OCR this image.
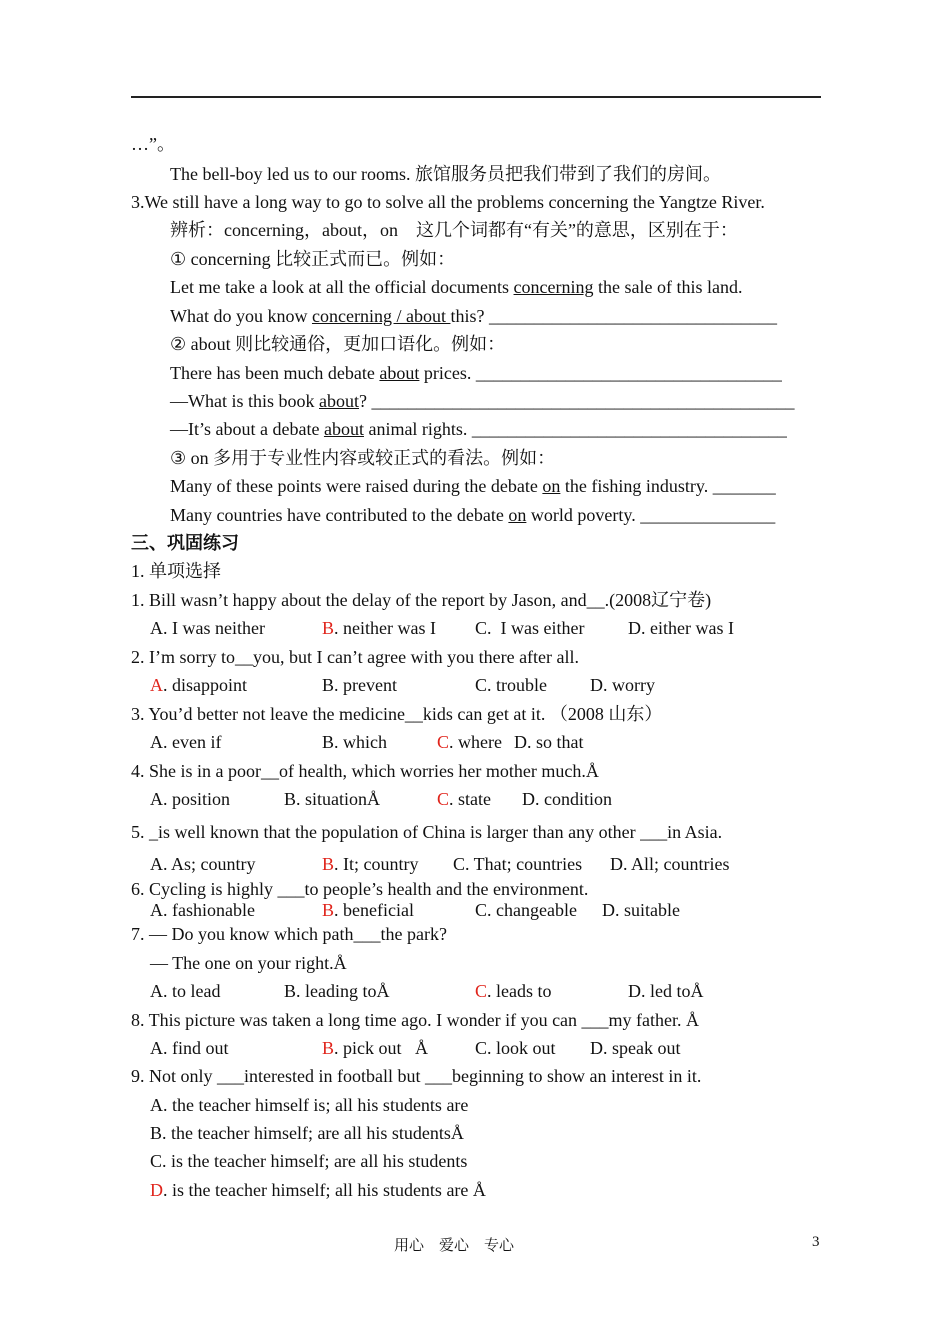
…”。
The bell-boy led us to our rooms. 旅馆服务员把我们带到了我们的房间。
3.We still have a long way to go to solve all the problems concerning the Yangtze River.
辨析：concerning，about，on　这几个词都有“有关”的意思，区别在于：
① concerning 比较正式而已。例如：
Let me take a look at all the official documents concerning the sale of this land.
What do you know concerning / about this? ________________________________
② about 则比较通俗，更加口语化。例如：
There has been much debate about prices. __________________________________
—What is this book about? _______________________________________________
—It’s about a debate about animal rights. ___________________________________
③ on 多用于专业性内容或较正式的看法。例如：
Many of these points were raised during the debate on the fishing industry. _______
Many countries have contributed to the debate on world poverty. _______________
三、巩固练习
1. 单项选择
1. Bill wasn’t happy about the delay of the report by Jason, and__.(2008辽宁卷)
A. I was neither	B. neither was I C.  I was either D. either was I
2. I’m sorry to__you, but I can’t agree with you there after all.
A. disappoint	B. prevent	C. trouble D. worry
3. You’d better not leave the medicine__kids can get at it. （2008 山东）
A. even if	B. which	C. where D. so that
4. She is in a poor__of health, which worries her mother much.Å
A. position	B. situationÅ	C. state D. condition
5. _is well known that the population of China is larger than any other ___in Asia.
A. As; country	B. It; country C. That; countries D. All; countries
6. Cycling is highly ___to people’s health and the environment.
A. fashionable	B. beneficial	C. changeable D. suitable
7. — Do you know which path___the park?
— The one on your right.Å
A. to lead	B. leading toÅ	C. leads to	D. led toÅ
8. This picture was taken a long time ago. I wonder if you can ___my father. Å
A. find out	B. pick out   Å	C. look out D. speak out
9. Not only ___interested in football but ___beginning to show an interest in it.
A. the teacher himself is; all his students are
B. the teacher himself; are all his studentsÅ
C. is the teacher himself; are all his students
D. is the teacher himself; all his students are Å
用心　爱心　专心	3
